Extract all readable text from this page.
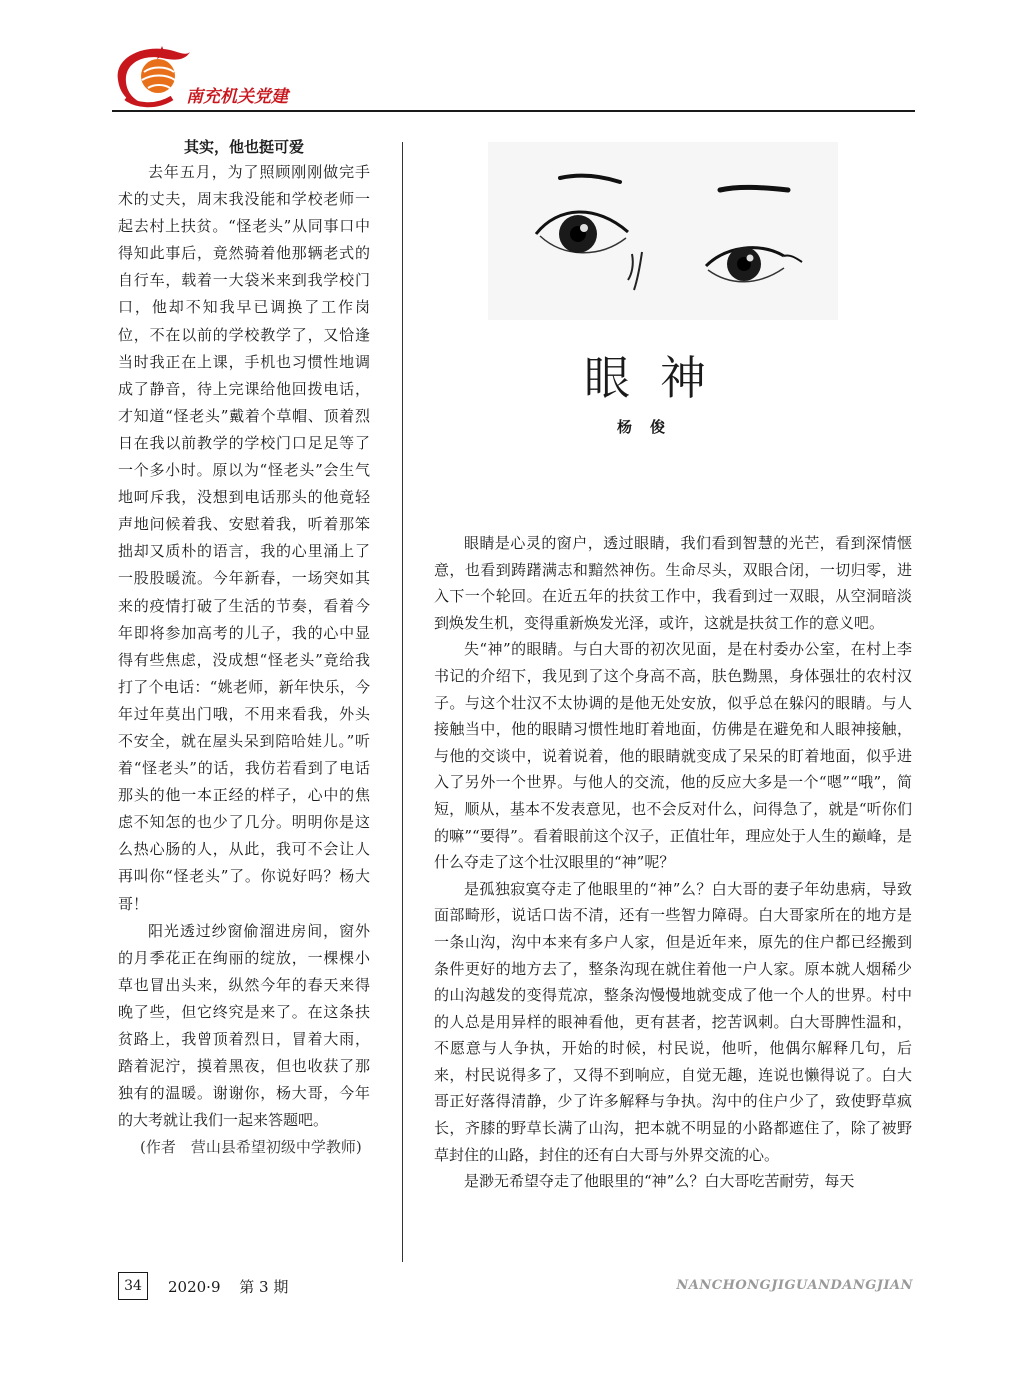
南充机关党建
其实，他也挺可爱

去年五月，为了照顾刚刚做完手术的丈夫，周末我没能和学校老师一起去村上扶贫。“怪老头”从同事口中得知此事后，竟然骑着他那辆老式的自行车，载着一大袋米来到我学校门口，他却不知我早已调换了工作岗位，不在以前的学校教学了，又恰逢当时我正在上课，手机也习惯性地调成了静音，待上完课给他回拨电话，才知道“怪老头”戴着个草帽、顶着烈日在我以前教学的学校门口足足等了一个多小时。原以为“怪老头”会生气地呵斥我，没想到电话那头的他竟轻声地问候着我、安慰着我，听着那笨拙却又质朴的语言，我的心里涌上了一股股暖流。今年新春，一场突如其来的疫情打破了生活的节奏，看着今年即将参加高考的儿子，我的心中显得有些焦虑，没成想“怪老头”竟给我打了个电话：“姚老师，新年快乐，今年过年莫出门哦，不用来看我，外头不安全，就在屋头呆到陪哈娃儿。”听着“怪老头”的话，我仿若看到了电话那头的他一本正经的样子，心中的焦虑不知怎的也少了几分。明明你是这么热心肠的人，从此，我可不会让人再叫你“怪老头”了。你说好吗？杨大哥！

阳光透过纱窗偷溜进房间，窗外的月季花正在绚丽的绽放，一棵棵小草也冒出头来，纵然今年的春天来得晚了些，但它终究是来了。在这条扶贫路上，我曾顶着烈日，冒着大雨，踏着泥泞，摸着黑夜，但也收获了那独有的温暖。谢谢你，杨大哥，今年的大考就让我们一起来答题吧。

(作者　营山县希望初级中学教师)

眼神
杨俊

眼睛是心灵的窗户，透过眼睛，我们看到智慧的光芒，看到深情惬意，也看到踌躇满志和黯然神伤。生命尽头，双眼合闭，一切归零，进入下一个轮回。在近五年的扶贫工作中，我看到过一双眼，从空洞暗淡到焕发生机，变得重新焕发光泽，或许，这就是扶贫工作的意义吧。

失“神”的眼睛。与白大哥的初次见面，是在村委办公室，在村上李书记的介绍下，我见到了这个身高不高，肤色黝黑，身体强壮的农村汉子。与这个壮汉不太协调的是他无处安放，似乎总在躲闪的眼睛。与人接触当中，他的眼睛习惯性地盯着地面，仿佛是在避免和人眼神接触，与他的交谈中，说着说着，他的眼睛就变成了呆呆的盯着地面，似乎进入了另外一个世界。与他人的交流，他的反应大多是一个“嗯”“哦”，简短，顺从，基本不发表意见，也不会反对什么，问得急了，就是“听你们的嘛”“要得”。看着眼前这个汉子，正值壮年，理应处于人生的巅峰，是什么夺走了这个壮汉眼里的“神”呢？

是孤独寂寞夺走了他眼里的“神”么？白大哥的妻子年幼患病，导致面部畸形，说话口齿不清，还有一些智力障碍。白大哥家所在的地方是一条山沟，沟中本来有多户人家，但是近年来，原先的住户都已经搬到条件更好的地方去了，整条沟现在就住着他一户人家。原本就人烟稀少的山沟越发的变得荒凉，整条沟慢慢地就变成了他一个人的世界。村中的人总是用异样的眼神看他，更有甚者，挖苦讽刺。白大哥脾性温和，不愿意与人争执，开始的时候，村民说，他听，他偶尔解释几句，后来，村民说得多了，又得不到响应，自觉无趣，连说也懒得说了。白大哥正好落得清静，少了许多解释与争执。沟中的住户少了，致使野草疯长，齐膝的野草长满了山沟，把本就不明显的小路都遮住了，除了被野草封住的山路，封住的还有白大哥与外界交流的心。

是渺无希望夺走了他眼里的“神”么？白大哥吃苦耐劳，每天

34	2020·9 第 3 期	NANCHONGJIGUANDANGJIAN
